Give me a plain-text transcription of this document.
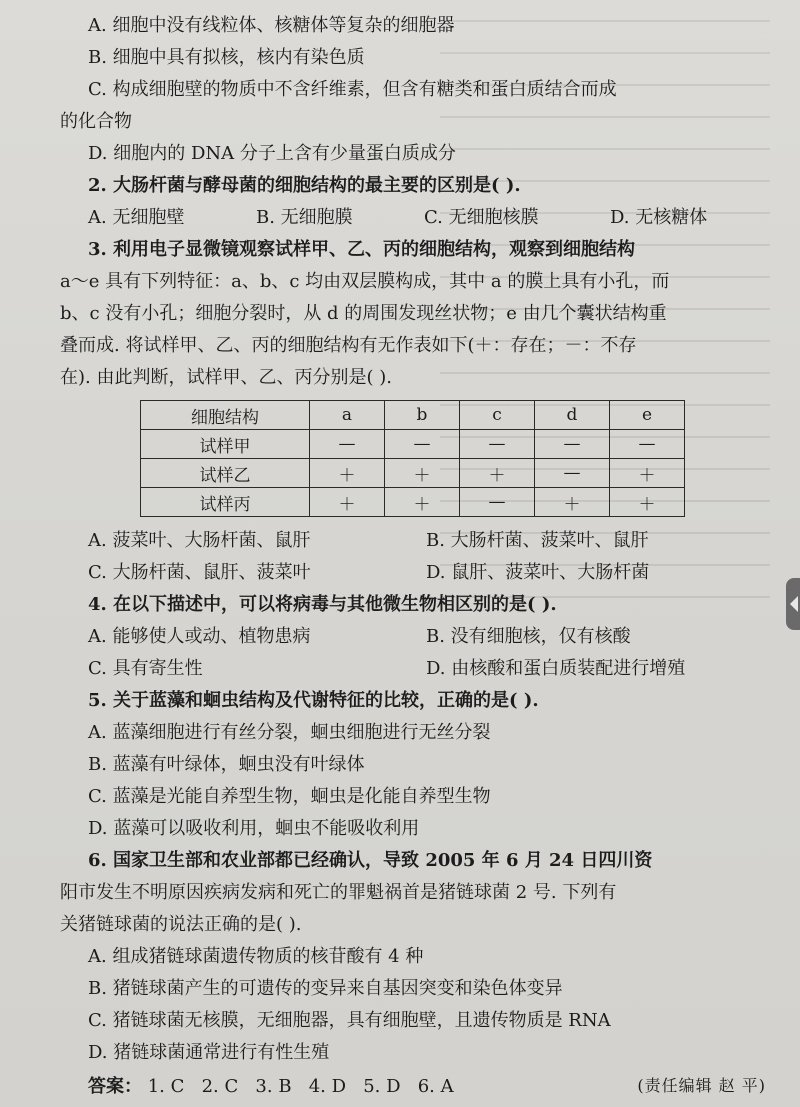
A. 细胞中没有线粒体、核糖体等复杂的细胞器

B. 细胞中具有拟核，核内有染色质

C. 构成细胞壁的物质中不含纤维素，但含有糖类和蛋白质结合而成

的化合物

D. 细胞内的 DNA 分子上含有少量蛋白质成分

2. 大肠杆菌与酵母菌的细胞结构的最主要的区别是( ).

A. 无细胞壁	B. 无细胞膜	C. 无细胞核膜	D. 无核糖体

3. 利用电子显微镜观察试样甲、乙、丙的细胞结构，观察到细胞结构

a～e 具有下列特征：a、b、c 均由双层膜构成，其中 a 的膜上具有小孔，而

b、c 没有小孔；细胞分裂时，从 d 的周围发现丝状物；e 由几个囊状结构重

叠而成. 将试样甲、乙、丙的细胞结构有无作表如下(＋：存在；－：不存

在). 由此判断，试样甲、乙、丙分别是( ).

细胞结构	a	b	c	d	e
试样甲	—	—	—	—	—
试样乙	＋	＋	＋	—	＋
试样丙	＋	＋	—	＋	＋
A. 菠菜叶、大肠杆菌、鼠肝	B. 大肠杆菌、菠菜叶、鼠肝
C. 大肠杆菌、鼠肝、菠菜叶	D. 鼠肝、菠菜叶、大肠杆菌

4. 在以下描述中，可以将病毒与其他微生物相区别的是( ).

A. 能够使人或动、植物患病	B. 没有细胞核，仅有核酸
C. 具有寄生性	D. 由核酸和蛋白质装配进行增殖

5. 关于蓝藻和蛔虫结构及代谢特征的比较，正确的是( ).

A. 蓝藻细胞进行有丝分裂，蛔虫细胞进行无丝分裂

B. 蓝藻有叶绿体，蛔虫没有叶绿体

C. 蓝藻是光能自养型生物，蛔虫是化能自养型生物

D. 蓝藻可以吸收利用，蛔虫不能吸收利用

6. 国家卫生部和农业部都已经确认，导致 2005 年 6 月 24 日四川资

阳市发生不明原因疾病发病和死亡的罪魁祸首是猪链球菌 2 号. 下列有

关猪链球菌的说法正确的是( ).

A. 组成猪链球菌遗传物质的核苷酸有 4 种

B. 猪链球菌产生的可遗传的变异来自基因突变和染色体变异

C. 猪链球菌无核膜，无细胞器，具有细胞壁，且遗传物质是 RNA

D. 猪链球菌通常进行有性生殖

答案： 1. C 2. C 3. B 4. D 5. D 6. A	(责任编辑 赵 平)
